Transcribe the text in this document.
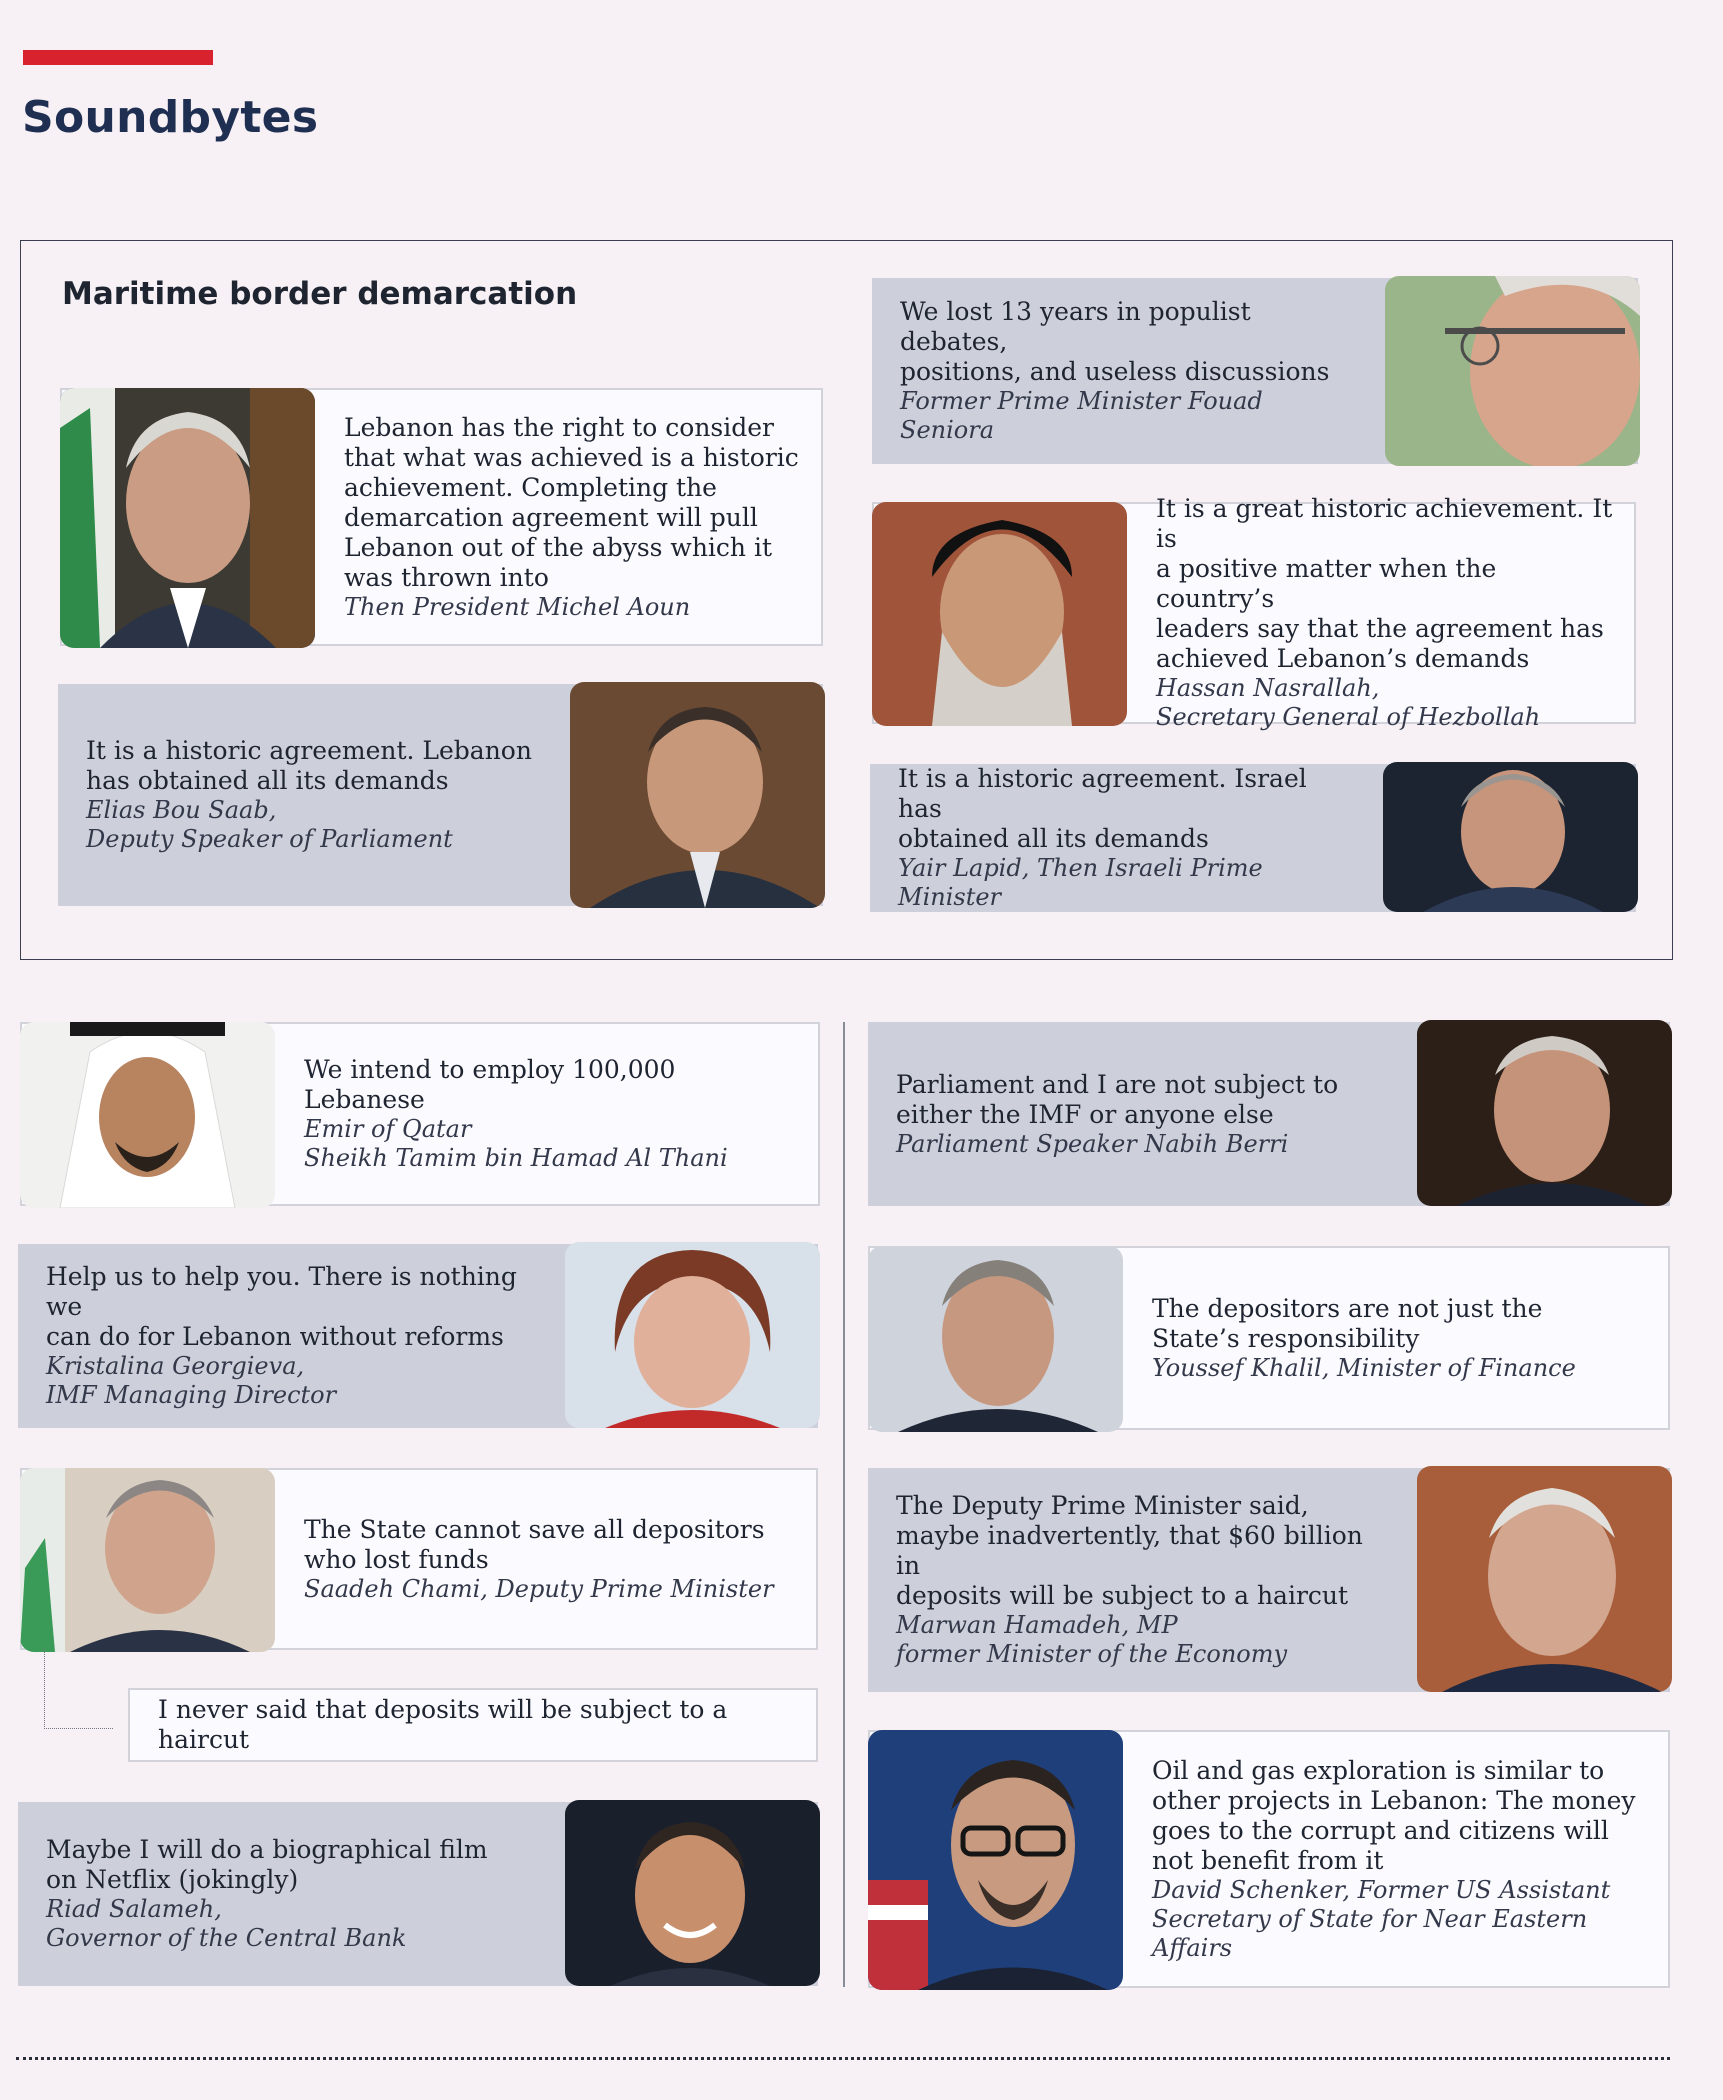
Soundbytes
Maritime border demarcation
Lebanon has the right to consider
that what was achieved is a historic
achievement. Completing the
demarcation agreement will pull
Lebanon out of the abyss which it
was thrown into
Then President Michel Aoun
It is a historic agreement. Lebanon
has obtained all its demands
Elias Bou Saab,
Deputy Speaker of Parliament
We lost 13 years in populist debates,
positions, and useless discussions
Former Prime Minister Fouad Seniora
It is a great historic achievement. It is
a positive matter when the country’s
leaders say that the agreement has
achieved Lebanon’s demands
Hassan Nasrallah,
Secretary General of Hezbollah
It is a historic agreement. Israel has
obtained all its demands
Yair Lapid, Then Israeli Prime Minister
We intend to employ 100,000 Lebanese
Emir of Qatar
Sheikh Tamim bin Hamad Al Thani
Help us to help you. There is nothing we
can do for Lebanon without reforms
Kristalina Georgieva,
IMF Managing Director
The State cannot save all depositors
who lost funds
Saadeh Chami, Deputy Prime Minister
I never said that deposits will be subject to a haircut
Maybe I will do a biographical film
on Netflix (jokingly)
Riad Salameh,
Governor of the Central Bank
Parliament and I are not subject to
either the IMF or anyone else
Parliament Speaker Nabih Berri
The depositors are not just the
State’s responsibility
Youssef Khalil, Minister of Finance
The Deputy Prime Minister said,
maybe inadvertently, that $60 billion in
deposits will be subject to a haircut
Marwan Hamadeh, MP
former Minister of the Economy
Oil and gas exploration is similar to
other projects in Lebanon: The money
goes to the corrupt and citizens will
not benefit from it
David Schenker, Former US Assistant
Secretary of State for Near Eastern Affairs
